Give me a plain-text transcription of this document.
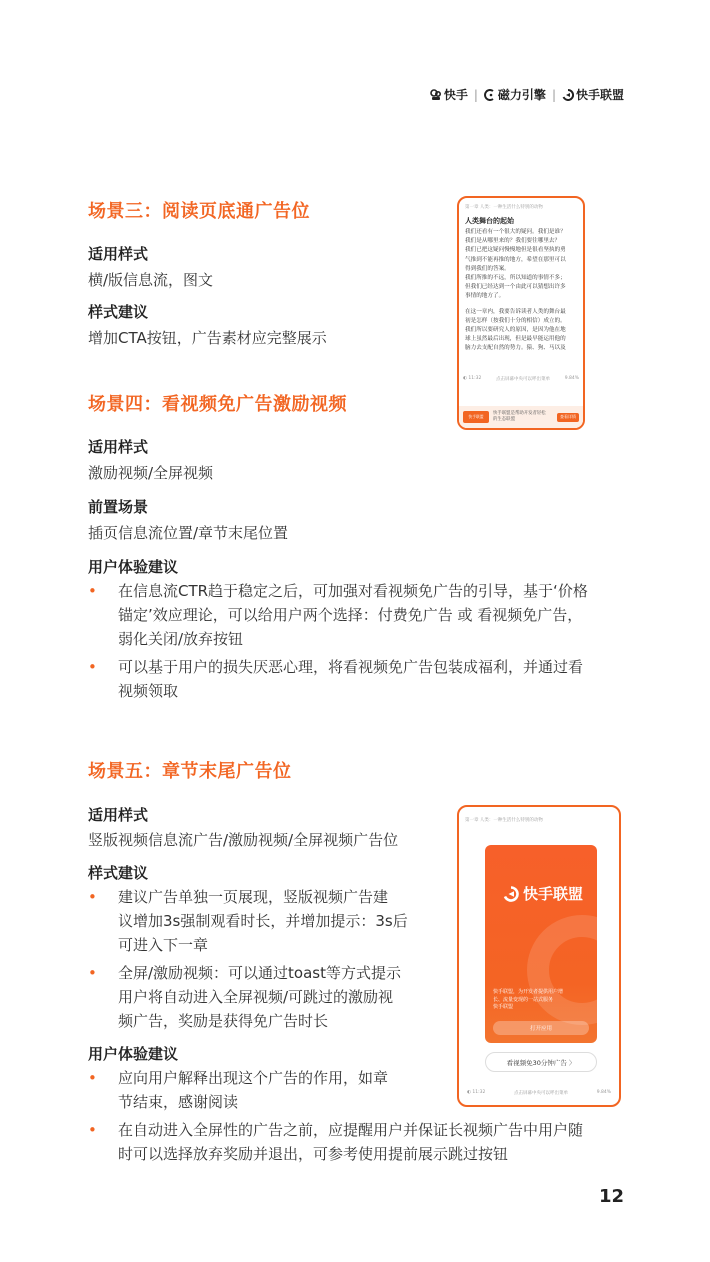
快手 | 磁力引擎 | 快手联盟
场景三：阅读页底通广告位
适用样式
横/版信息流，图文
样式建议
增加CTA按钮，广告素材应完整展示
第一章 人类：一种生活什么特别的动物
人类舞台的起始

我们还看有一个很大的疑问。我们是谁？
我们是从哪里来的？我们要往哪里去？
我们已把这疑问慢慢地但是很看坚执的勇
气推到不能再推的地方，希望在那里可以
得到我们的答案。
我们所推的不远，所以知道的事情不多；
但我们已经达到一个由此可以猜想出许多
事情的地方了。

在这一章内，我要告诉读者人类的舞台最
初是怎样（按我们十分的相信）成立的。
我们所以要研究人的原因，是因为他在地
球上虽然最后出现，但是最早能运用他的
脑力去支配自然的势力。猿、狗、马以及

◐ 11:32	点击屏幕中央可以呼出菜单	9.84%
快手联盟
快手联盟是帮助开发者轻松
的生态联盟
查看详情
场景四：看视频免广告激励视频
适用样式
激励视频/全屏视频
前置场景
插页信息流位置/章节末尾位置
用户体验建议
• 在信息流CTR趋于稳定之后，可加强对看视频免广告的引导，基于‘价格
锚定’效应理论，可以给用户两个选择：付费免广告 或 看视频免广告，
弱化关闭/放弃按钮
• 可以基于用户的损失厌恶心理，将看视频免广告包装成福利，并通过看
视频领取
场景五：章节末尾广告位
适用样式
竖版视频信息流广告/激励视频/全屏视频广告位
样式建议
• 建议广告单独一页展现，竖版视频广告建
议增加3s强制观看时长，并增加提示：3s后
可进入下一章
• 全屏/激励视频：可以通过toast等方式提示
用户将自动进入全屏视频/可跳过的激励视
频广告，奖励是获得免广告时长
用户体验建议
• 应向用户解释出现这个广告的作用，如章
节结束，感谢阅读
• 在自动进入全屏性的广告之前，应提醒用户并保证长视频广告中用户随
时可以选择放弃奖励并退出，可参考使用提前展示跳过按钮
第一章 人类：一种生活什么特别的动物
快手联盟
快手联盟，为开发者提供用户增
长、流量变现的一站式服务
快手联盟
打开应用
看视频免30分钟广告 〉
◐ 11:32	点击屏幕中央可以呼出菜单	9.84%
12
